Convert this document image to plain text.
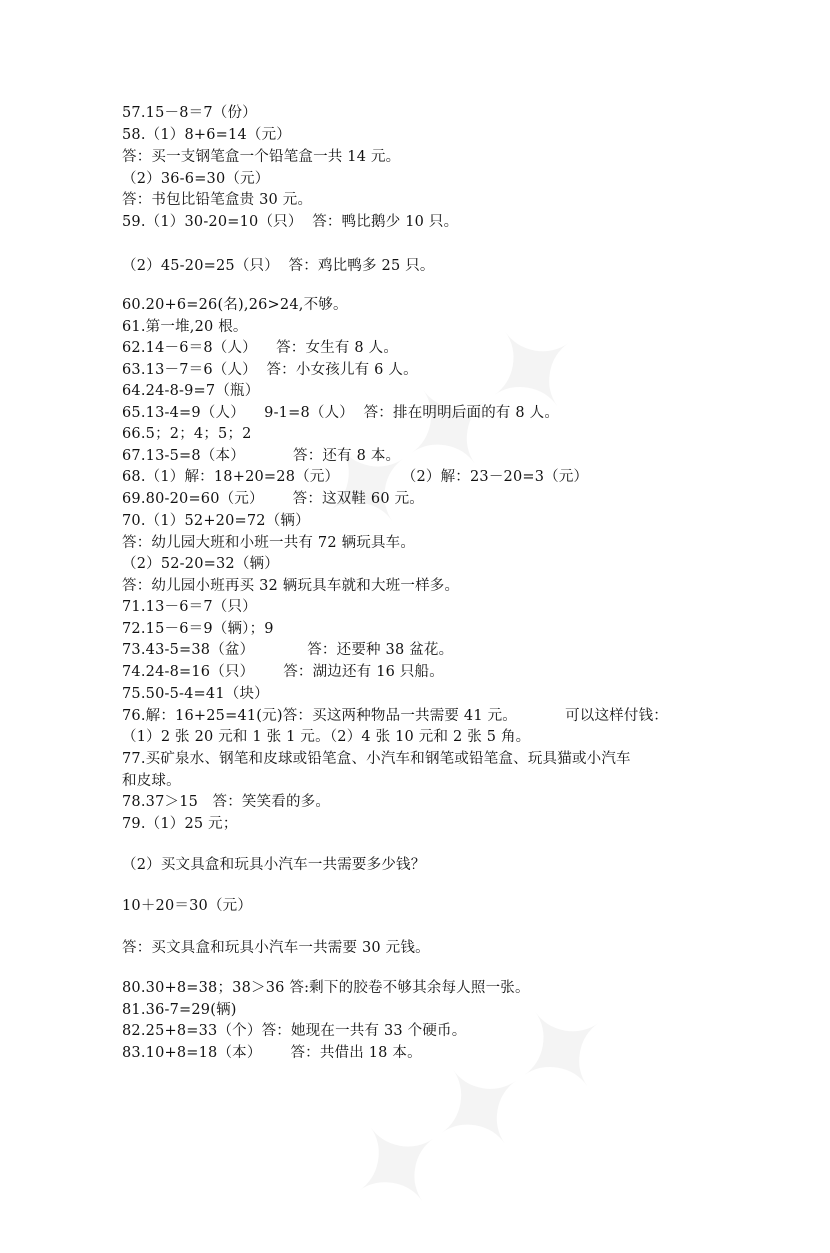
57.15－8＝7（份）
58.（1）8+6=14（元）
答：买一支钢笔盒一个铅笔盒一共 14 元。
（2）36-6=30（元）
答：书包比铅笔盒贵 30 元。
59.（1）30-20=10（只）  答：鸭比鹅少 10 只。
（2）45-20=25（只）  答：鸡比鸭多 25 只。
60.20+6=26(名),26>24,不够。
61.第一堆,20 根。
62.14－6＝8（人）    答：女生有 8 人。
63.13－7＝6（人）  答：小女孩儿有 6 人。
64.24-8-9=7（瓶）
65.13-4=9（人）    9-1=8（人）  答：排在明明后面的有 8 人。
66.5；2；4；5；2
67.13-5=8（本）          答：还有 8 本。
68.（1）解：18+20=28（元）             （2）解：23－20=3（元）
69.80-20=60（元）      答：这双鞋 60 元。
70.（1）52+20=72（辆）
答：幼儿园大班和小班一共有 72 辆玩具车。
（2）52-20=32（辆）
答：幼儿园小班再买 32 辆玩具车就和大班一样多。
71.13－6＝7（只）
72.15－6＝9（辆）；9
73.43-5=38（盆）           答：还要种 38 盆花。
74.24-8=16（只）      答：湖边还有 16 只船。
75.50-5-4=41（块）
76.解：16+25=41(元)答：买这两种物品一共需要 41 元。          可以这样付钱：
（1）2 张 20 元和 1 张 1 元。（2）4 张 10 元和 2 张 5 角。
77.买矿泉水、钢笔和皮球或铅笔盒、小汽车和钢笔或铅笔盒、玩具猫或小汽车
和皮球。
78.37＞15   答：笑笑看的多。
79.（1）25 元；
（2）买文具盒和玩具小汽车一共需要多少钱？
10＋20＝30（元）
答：买文具盒和玩具小汽车一共需要 30 元钱。
80.30+8=38；38＞36 答:剩下的胶卷不够其余每人照一张。
81.36-7=29(辆)
82.25+8=33（个）答：她现在一共有 33 个硬币。
83.10+8=18（本）      答：共借出 18 本。
